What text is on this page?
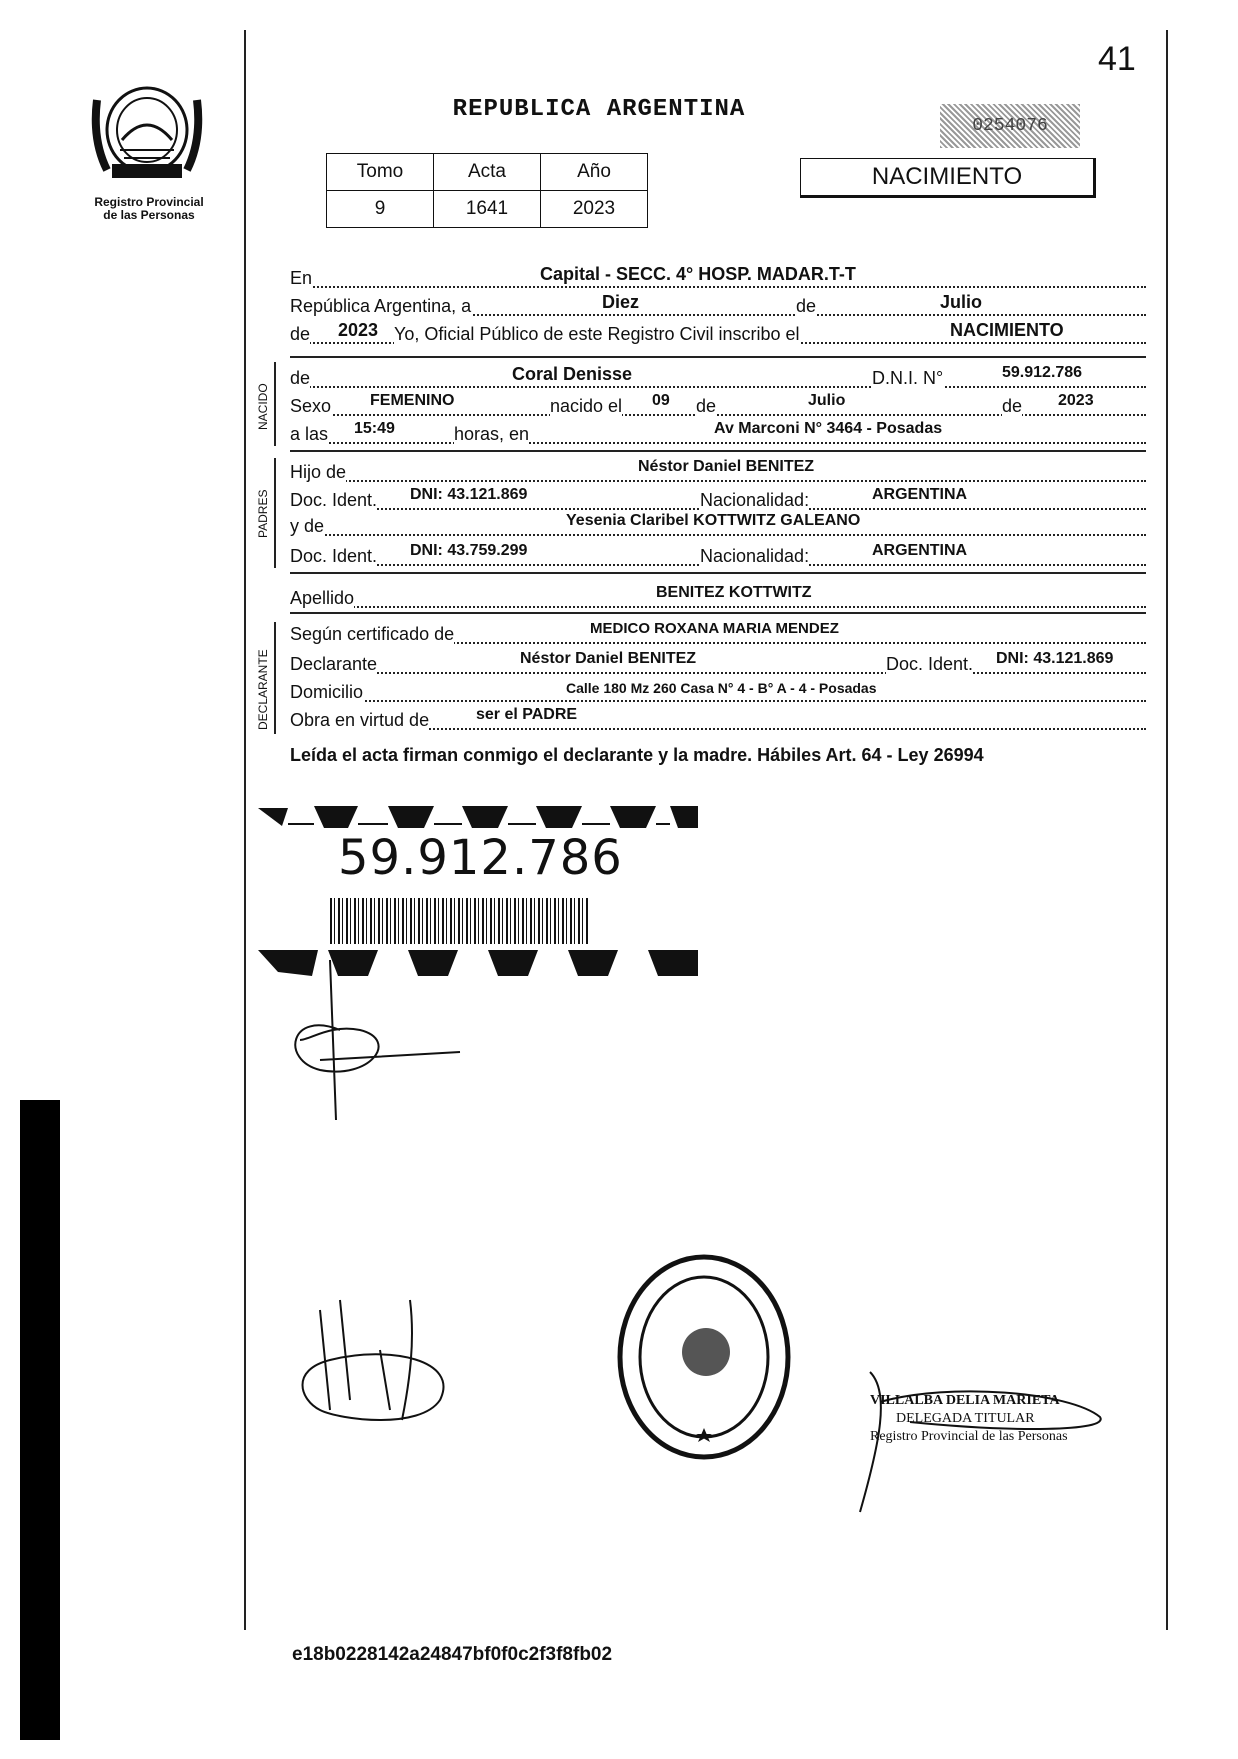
41
Registro Provincial
de las Personas
REPUBLICA ARGENTINA
0254076
Tomo	Acta	Año
9	1641	2023
NACIMIENTO
En	Capital - SECC. 4° HOSP. MADAR.T-T
República Argentina, a	Diez	de	Julio
de 2023 Yo, Oficial Público de este Registro Civil inscribo el	NACIMIENTO
NACIDO
de	Coral Denisse	D.N.I. N°	59.912.786
Sexo FEMENINO	nacido el 09 de	Julio	de 2023
a las 15:49	horas, en	Av Marconi N° 3464 - Posadas
PADRES
Hijo de	Néstor Daniel BENITEZ
Doc. Ident. DNI: 43.121.869	Nacionalidad:	ARGENTINA
y de	Yesenia Claribel KOTTWITZ GALEANO
Doc. Ident. DNI: 43.759.299	Nacionalidad:	ARGENTINA
Apellido	BENITEZ KOTTWITZ
DECLARANTE
Según certificado de	MEDICO ROXANA MARIA MENDEZ
Declarante	Néstor Daniel BENITEZ	Doc. Ident. DNI: 43.121.869
Domicilio	Calle 180 Mz 260 Casa N° 4 - B° A - 4 - Posadas
Obra en virtud de	ser el PADRE
Leída el acta firman conmigo el declarante y la madre. Hábiles Art. 64 - Ley 26994
59.912.786
VILLALBA DELIA MARIETA
DELEGADA TITULAR
Registro Provincial de las Personas
e18b0228142a24847bf0f0c2f3f8fb02
